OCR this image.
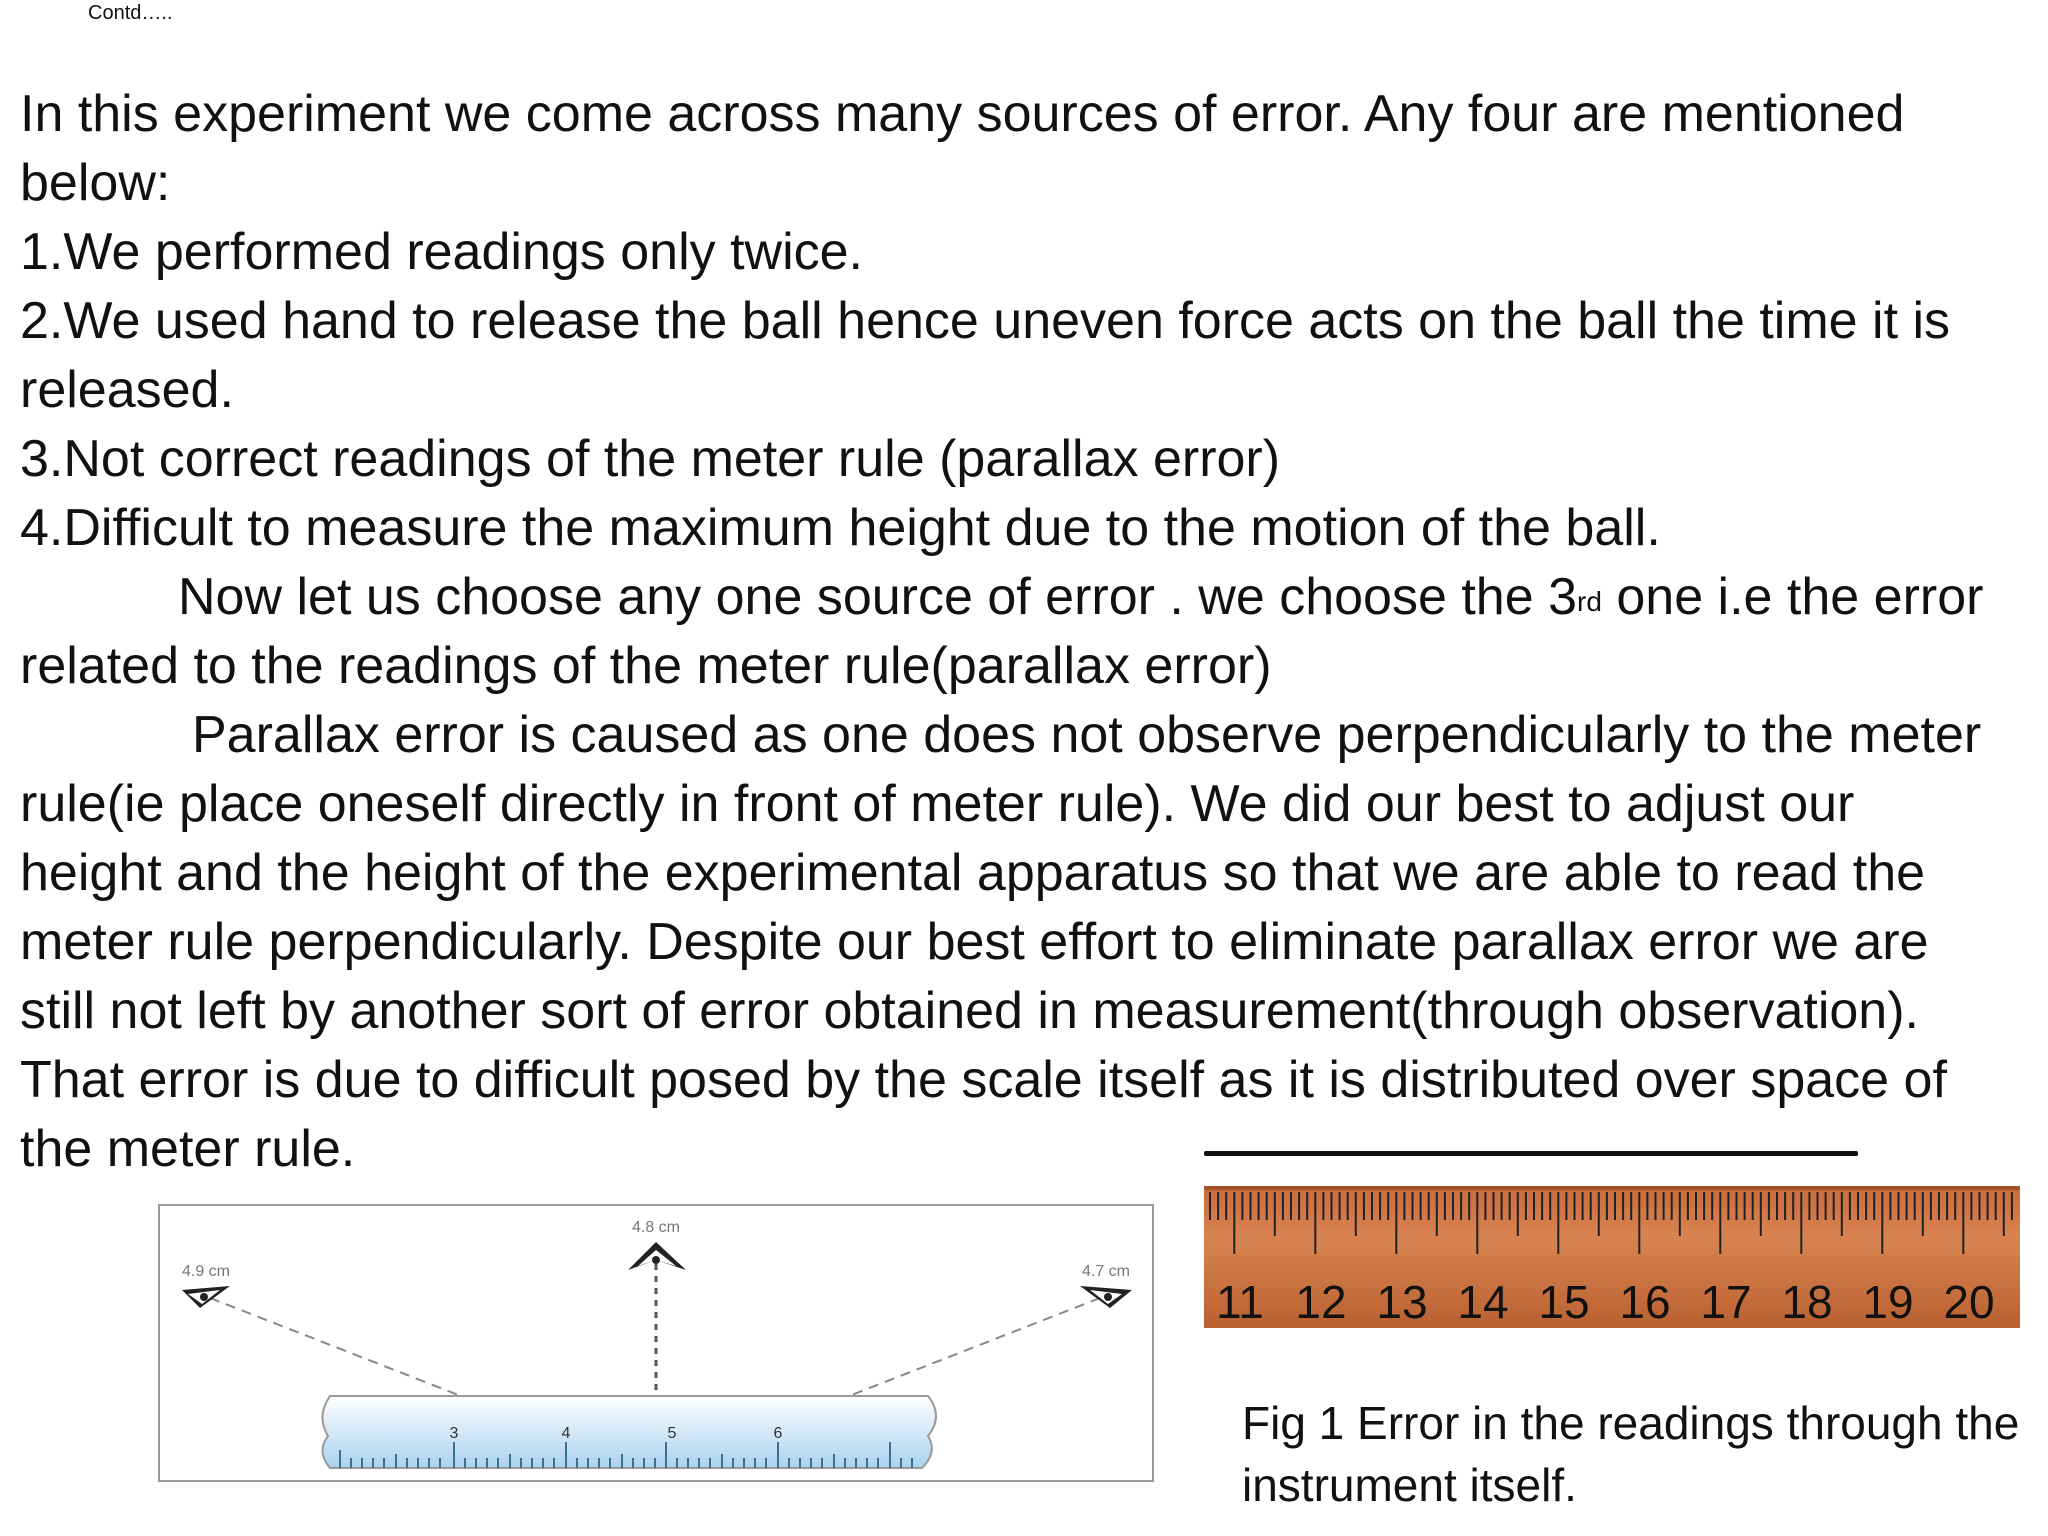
Contd…..
In this experiment we come across many sources of error. Any four are mentioned
below:
1.We performed readings only twice.
2.We used hand to release the ball hence uneven force acts on the ball the time it is
released.
3.Not correct readings of the meter rule (parallax error)
4.Difficult to measure the maximum height due to the motion of the ball.
Now let us choose any one source of error . we choose the 3rd one i.e the error
related to the readings of the meter rule(parallax error)
Parallax error is caused as one does not observe perpendicularly to the meter
rule(ie place oneself directly in front of meter rule). We did our best to adjust our
height and the height of the experimental apparatus so that we are able to read the
meter rule perpendicularly. Despite our best effort to eliminate parallax error we are
still not left by another sort of error obtained in measurement(through observation).
That error is due to difficult posed by the scale itself as it is distributed over space of
the meter rule.
3	4	5	6
4.9 cm
4.8 cm
4.7 cm
11 12 13 14 15 16 17 18 19 20
Fig 1 Error in the readings through the
instrument itself.
